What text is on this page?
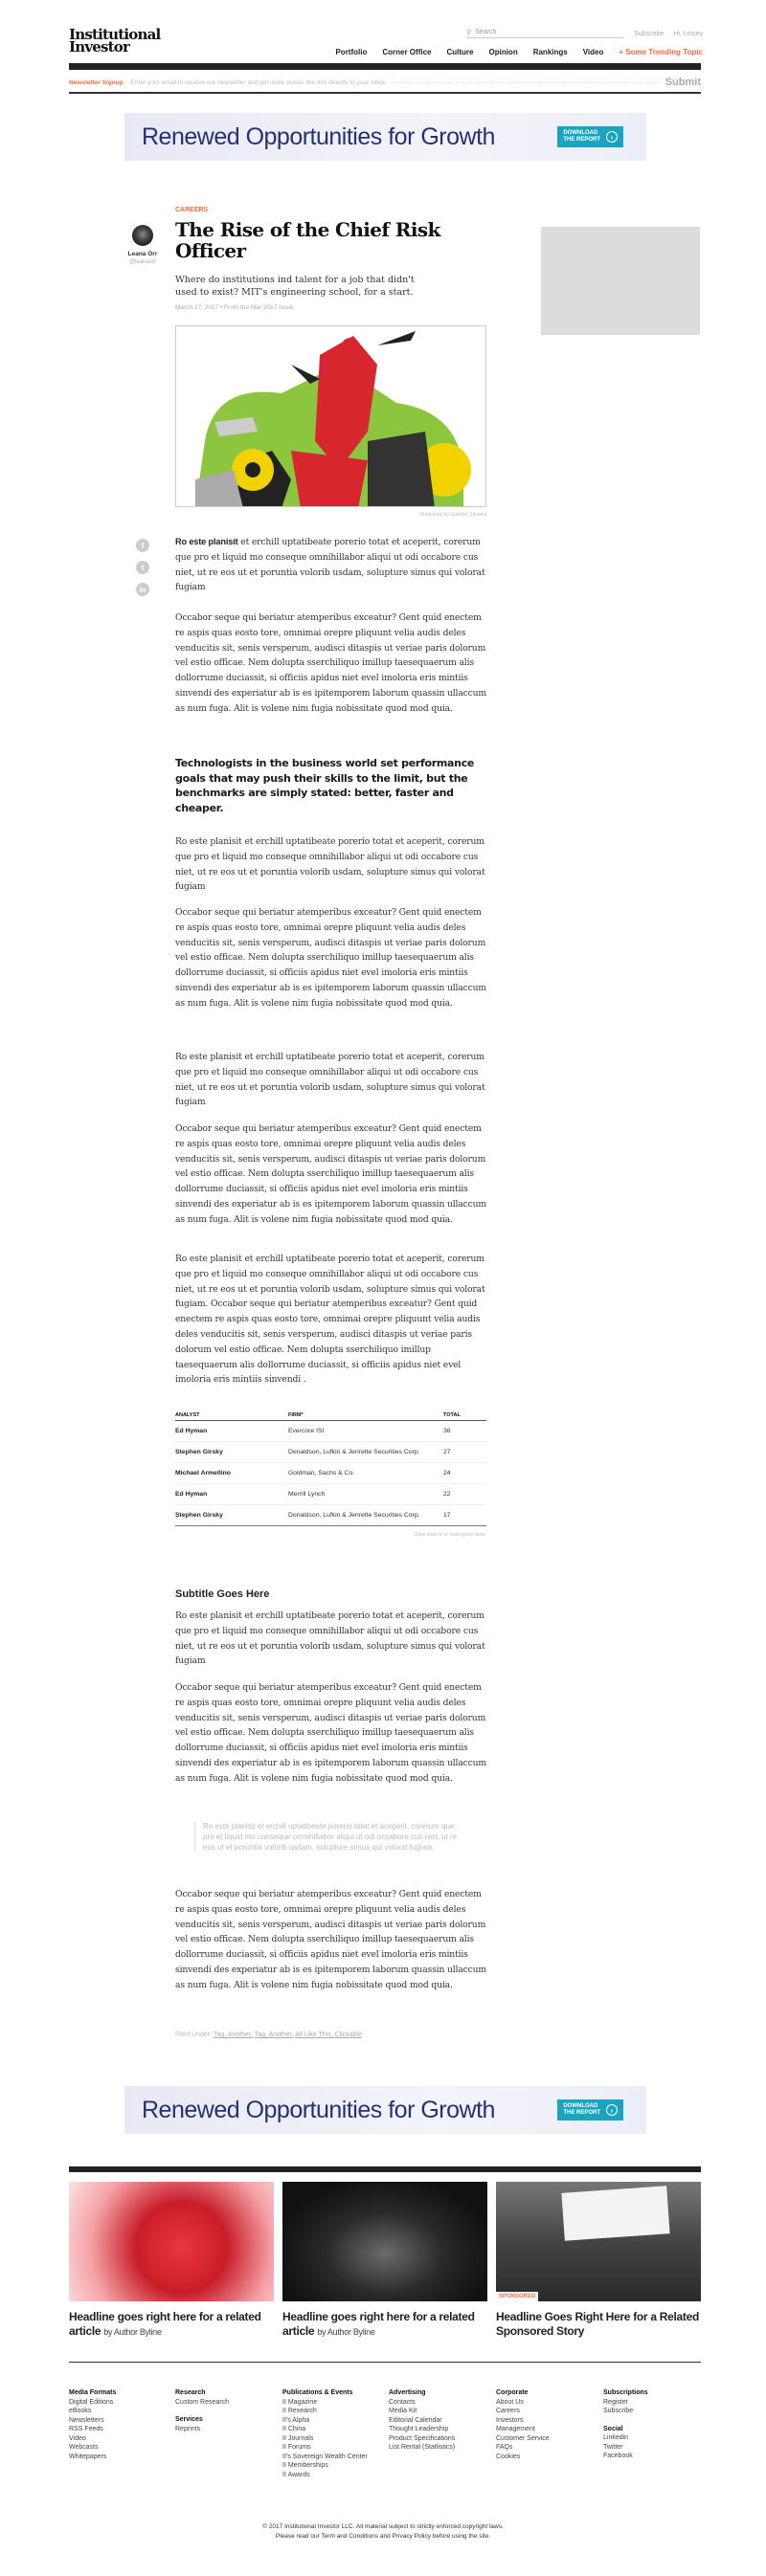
Institutional
Investor
⚲ Search	Subscribe Hi, Linsey
Portfolio Corner Office Culture Opinion Rankings Video + Some Trending Topic
Newsletter Signup Enter your email to receive our newsletter and get more stories like this directly to your inbox.	Submit
Renewed Opportunities for Growth	DOWNLOAD
THE REPORT	›
CAREERS
The Rise of the Chief Risk Officer
Where do institutions ind talent for a job that didn't used to exist? MIT's engineering school, for a start.
March 17, 2017 • From the Mar 2017 Issue
Leana Orr
@leanaorr
Illustrated by Gabriel Silveira
f
t
in

Ro este planisit et erchill uptatibeate porerio totat et aceperit, corerum que pro et liquid mo conseque omnihillabor aliqui ut odi occabore cus niet, ut re eos ut et poruntia volorib usdam, solupture simus qui volorat fugiam

Occabor seque qui beriatur atemperibus exceatur? Gent quid enectem re aspis quas eosto tore, omnimai orepre pliquunt velia audis deles venducitis sit, senis versperum, audisci ditaspis ut veriae paris dolorum vel estio officae. Nem dolupta sserchiliquo imillup taesequaerum alis dollorrume duciassit, si officiis apidus niet evel imoloria eris mintiis sinvendi des experiatur ab is es ipitemporem laborum quassin ullaccum as num fuga. Alit is volene nim fugia nobissitate quod mod quia.

Technologists in the business world set performance goals that may push their skills to the limit, but the benchmarks are simply stated: better, faster and cheaper.

Ro este planisit et erchill uptatibeate porerio totat et aceperit, corerum que pro et liquid mo conseque omnihillabor aliqui ut odi occabore cus niet, ut re eos ut et poruntia volorib usdam, solupture simus qui volorat fugiam

Occabor seque qui beriatur atemperibus exceatur? Gent quid enectem re aspis quas eosto tore, omnimai orepre pliquunt velia audis deles venducitis sit, senis versperum, audisci ditaspis ut veriae paris dolorum vel estio officae. Nem dolupta sserchiliquo imillup taesequaerum alis dollorrume duciassit, si officiis apidus niet evel imoloria eris mintiis sinvendi des experiatur ab is es ipitemporem laborum quassin ullaccum as num fuga. Alit is volene nim fugia nobissitate quod mod quia.

Ro este planisit et erchill uptatibeate porerio totat et aceperit, corerum que pro et liquid mo conseque omnihillabor aliqui ut odi occabore cus niet, ut re eos ut et poruntia volorib usdam, solupture simus qui volorat fugiam

Occabor seque qui beriatur atemperibus exceatur? Gent quid enectem re aspis quas eosto tore, omnimai orepre pliquunt velia audis deles venducitis sit, senis versperum, audisci ditaspis ut veriae paris dolorum vel estio officae. Nem dolupta sserchiliquo imillup taesequaerum alis dollorrume duciassit, si officiis apidus niet evel imoloria eris mintiis sinvendi des experiatur ab is es ipitemporem laborum quassin ullaccum as num fuga. Alit is volene nim fugia nobissitate quod mod quia.

Ro este planisit et erchill uptatibeate porerio totat et aceperit, corerum que pro et liquid mo conseque omnihillabor aliqui ut odi occabore cus niet, ut re eos ut et poruntia volorib usdam, solupture simus qui volorat fugiam. Occabor seque qui beriatur atemperibus exceatur? Gent quid enectem re aspis quas eosto tore, omnimai orepre pliquunt velia audis deles venducitis sit, senis versperum, audisci ditaspis ut veriae paris dolorum vel estio officae. Nem dolupta sserchiliquo imillup taesequaerum alis dollorrume duciassit, si officiis apidus niet evel imoloria eris mintiis sinvendi .

ANALYST	FIRM*	TOTAL
Ed Hyman	Evercore ISI	36
Stephen Girsky	Donaldson, Lufkin & Jenrette Securities Corp.	27
Michael Armellino	Goldman, Sachs & Co.	24
Ed Hyman	Merrill Lynch	22
Stephen Girsky	Donaldson, Lufkin & Jenrette Securities Corp.	17
Data source or note goes here.
Subtitle Goes Here

Ro este planisit et erchill uptatibeate porerio totat et aceperit, corerum que pro et liquid mo conseque omnihillabor aliqui ut odi occabore cus niet, ut re eos ut et poruntia volorib usdam, solupture simus qui volorat fugiam

Occabor seque qui beriatur atemperibus exceatur? Gent quid enectem re aspis quas eosto tore, omnimai orepre pliquunt velia audis deles venducitis sit, senis versperum, audisci ditaspis ut veriae paris dolorum vel estio officae. Nem dolupta sserchiliquo imillup taesequaerum alis dollorrume duciassit, si officiis apidus niet evel imoloria eris mintiis sinvendi des experiatur ab is es ipitemporem laborum quassin ullaccum as num fuga. Alit is volene nim fugia nobissitate quod mod quia.

Ro este planisit et erchill uptatibeate porerio totat et aceperit, corerum que pro et liquid mo conseque omnihillabor aliqui ut odi occabore cus niet, ut re eos ut et poruntia volorib usdam, solupture simus qui volorat fugiam.

Occabor seque qui beriatur atemperibus exceatur? Gent quid enectem re aspis quas eosto tore, omnimai orepre pliquunt velia audis deles venducitis sit, senis versperum, audisci ditaspis ut veriae paris dolorum vel estio officae. Nem dolupta sserchiliquo imillup taesequaerum alis dollorrume duciassit, si officiis apidus niet evel imoloria eris mintiis sinvendi des experiatur ab is es ipitemporem laborum quassin ullaccum as num fuga. Alit is volene nim fugia nobissitate quod mod quia.

Filed Under: Tag, Another, Tag, Another, All Like This, Clickable
Renewed Opportunities for Growth	DOWNLOAD
THE REPORT	›
Headline goes right here for a related article by Author Byline
Headline goes right here for a related article by Author Byline
SPONSORED
Headline Goes Right Here for a Related Sponsored Story
Media Formats
Digital Editions
eBooks
Newsletters
RSS Feeds
Video
Webcasts
Whitepapers
Research
Custom Research
Services
Reprints
Publications & Events
II Magazine
II Research
II's Alpha
II China
II Journals
II Forums
II's Sovereign Wealth Center
II Memberships
II Awards
Advertising
Contacts
Media Kit
Editorial Calendar
Thought Leadership
Product Specifications
List Rental (Statlistics)
Corporate
About Us
Careers
Investors
Management
Customer Service
FAQs
Cookies
Subscriptions
Register
Subscribe
Social
Linkedin
Twitter
Facebook
© 2017 Institutional Investor LLC. All material subject to strictly enforced copyright laws.
Please read our Term and Conditions and Privacy Policy before using the site.
